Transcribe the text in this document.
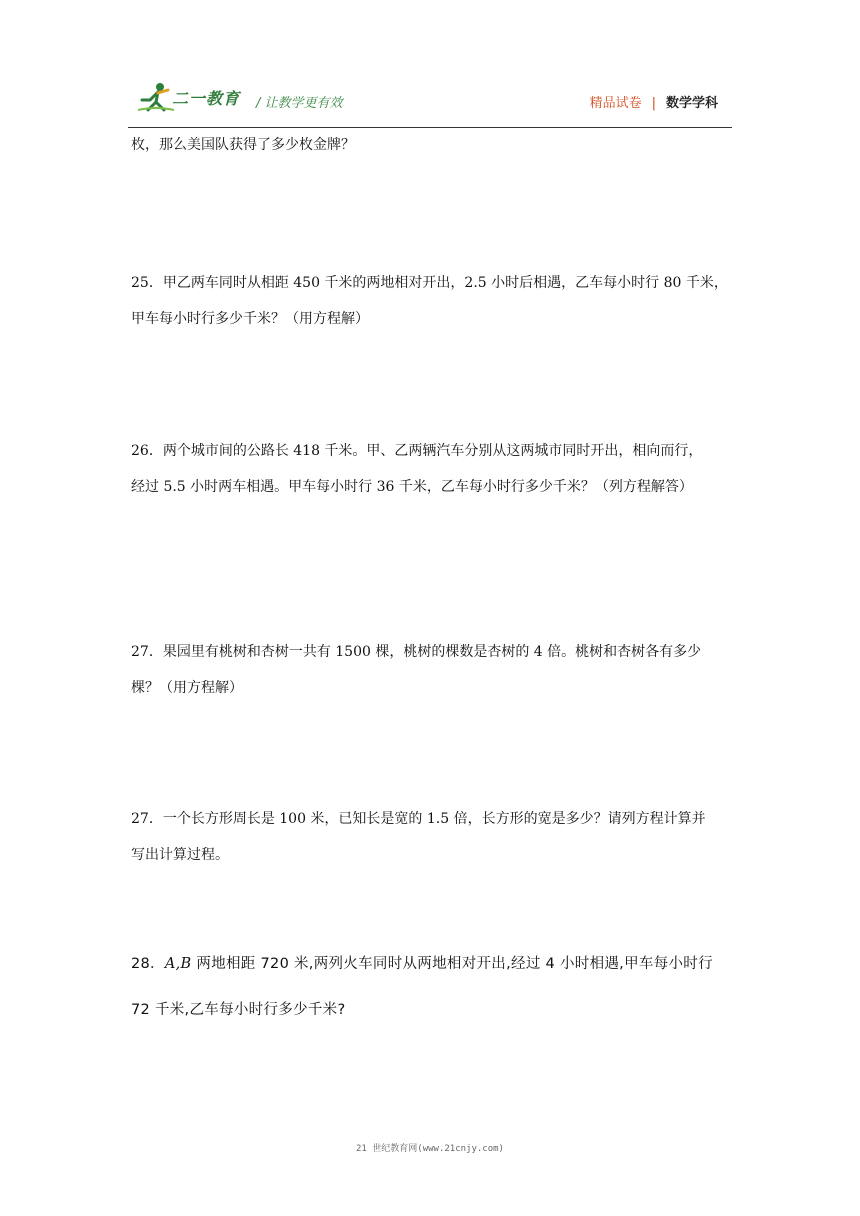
二一教育 / 让教学更有效	精品试卷 | 数学学科

枚，那么美国队获得了多少枚金牌？

25．甲乙两车同时从相距 450 千米的两地相对开出，2.5 小时后相遇，乙车每小时行 80 千米，

甲车每小时行多少千米？（用方程解）

26．两个城市间的公路长 418 千米。甲、乙两辆汽车分别从这两城市同时开出，相向而行，

经过 5.5 小时两车相遇。甲车每小时行 36 千米，乙车每小时行多少千米？（列方程解答）

27．果园里有桃树和杏树一共有 1500 棵，桃树的棵数是杏树的 4 倍。桃树和杏树各有多少

棵？（用方程解）

27．一个长方形周长是 100 米，已知长是宽的 1.5 倍，长方形的宽是多少？请列方程计算并

写出计算过程。

28．A,B 两地相距 720 米,两列火车同时从两地相对开出,经过 4 小时相遇,甲车每小时行

72 千米,乙车每小时行多少千米?

21 世纪教育网(www.21cnjy.com)
